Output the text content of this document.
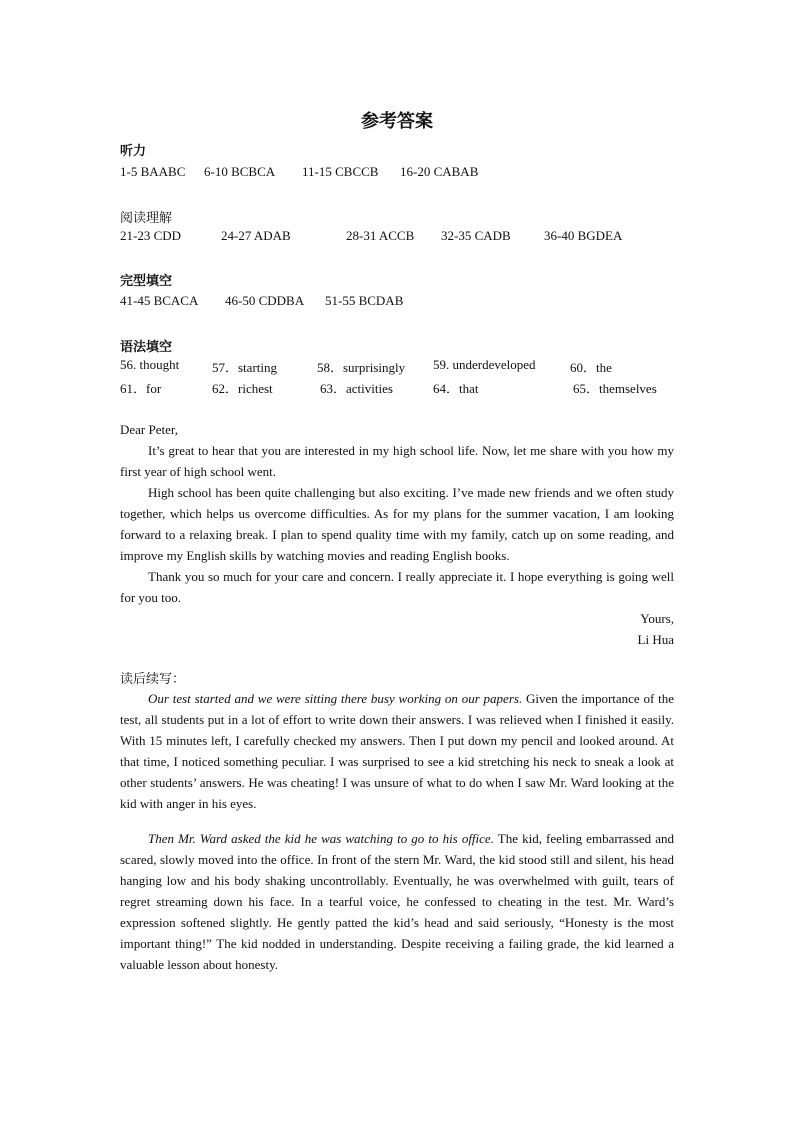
参考答案
听力
1-5 BAABC 6-10 BCBCA 11-15 CBCCB 16-20 CABAB
阅读理解
21-23 CDD	24-27 ADAB	28-31 ACCB 32-35 CADB	36-40 BGDEA
完型填空
41-45 BCACA 46-50 CDDBA 51-55 BCDAB
语法填空
56. thought	57．starting	58．surprisingly 59. underdeveloped	60．the
61．for	62．richest	63．activities	64．that	65．themselves

Dear Peter,

It’s great to hear that you are interested in my high school life. Now, let me share with you how my first year of high school went.

High school has been quite challenging but also exciting. I’ve made new friends and we often study together, which helps us overcome difficulties. As for my plans for the summer vacation, I am looking forward to a relaxing break. I plan to spend quality time with my family, catch up on some reading, and improve my English skills by watching movies and reading English books.

Thank you so much for your care and concern. I really appreciate it. I hope everything is going well for you too.

Yours,

Li Hua

读后续写：

Our test started and we were sitting there busy working on our papers. Given the importance of the test, all students put in a lot of effort to write down their answers. I was relieved when I finished it easily. With 15 minutes left, I carefully checked my answers. Then I put down my pencil and looked around. At that time, I noticed something peculiar. I was surprised to see a kid stretching his neck to sneak a look at other students’ answers. He was cheating! I was unsure of what to do when I saw Mr. Ward looking at the kid with anger in his eyes.

Then Mr. Ward asked the kid he was watching to go to his office. The kid, feeling embarrassed and scared, slowly moved into the office. In front of the stern Mr. Ward, the kid stood still and silent, his head hanging low and his body shaking uncontrollably. Eventually, he was overwhelmed with guilt, tears of regret streaming down his face. In a tearful voice, he confessed to cheating in the test. Mr. Ward’s expression softened slightly. He gently patted the kid’s head and said seriously, “Honesty is the most important thing!” The kid nodded in understanding. Despite receiving a failing grade, the kid learned a valuable lesson about honesty.
